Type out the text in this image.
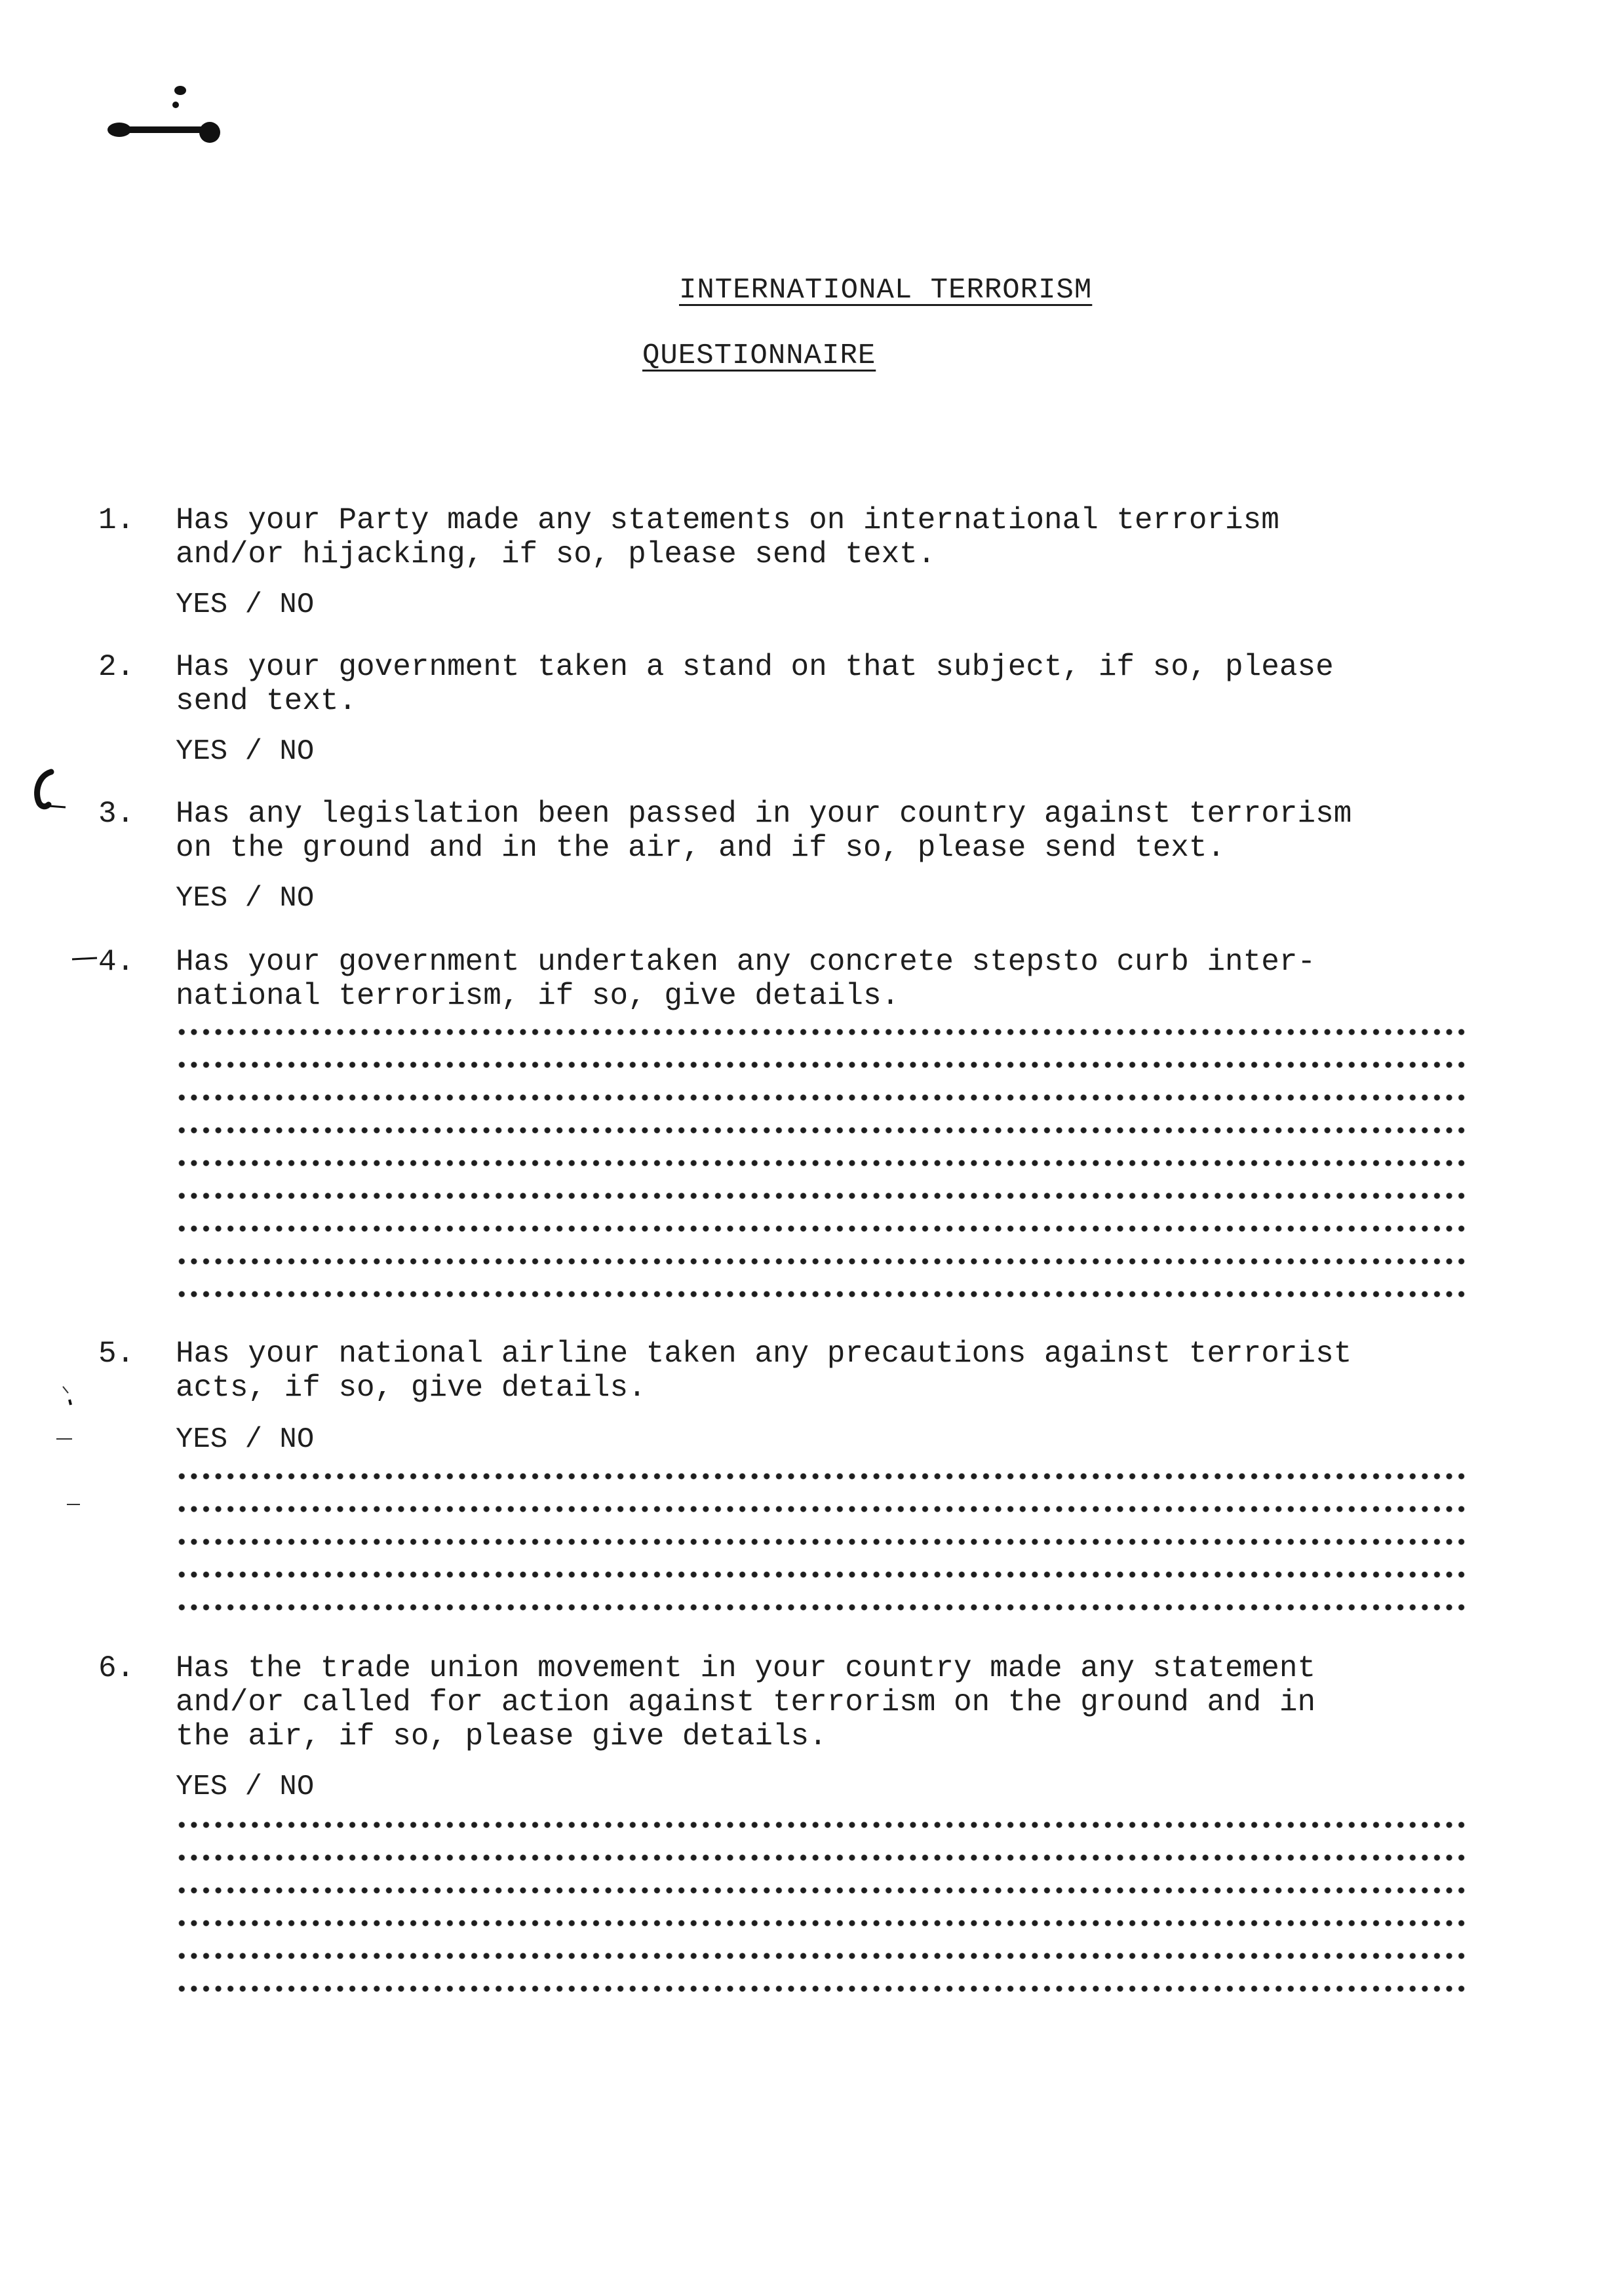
INTERNATIONAL TERRORISM
QUESTIONNAIRE
1. Has your Party made any statements on international terrorism
and/or hijacking, if so, please send text.
YES / NO
2. Has your government taken a stand on that subject, if so, please
send text.
YES / NO
3. Has any legislation been passed in your country against terrorism
on the ground and in the air, and if so, please send text.
YES / NO
4. Has your government undertaken any concrete stepsto curb inter-
national terrorism, if so, give details.
5. Has your national airline taken any precautions against terrorist
acts, if so, give details.
YES / NO
6. Has the trade union movement in your country made any statement
and/or called for action against terrorism on the ground and in
the air, if so, please give details.
YES / NO
